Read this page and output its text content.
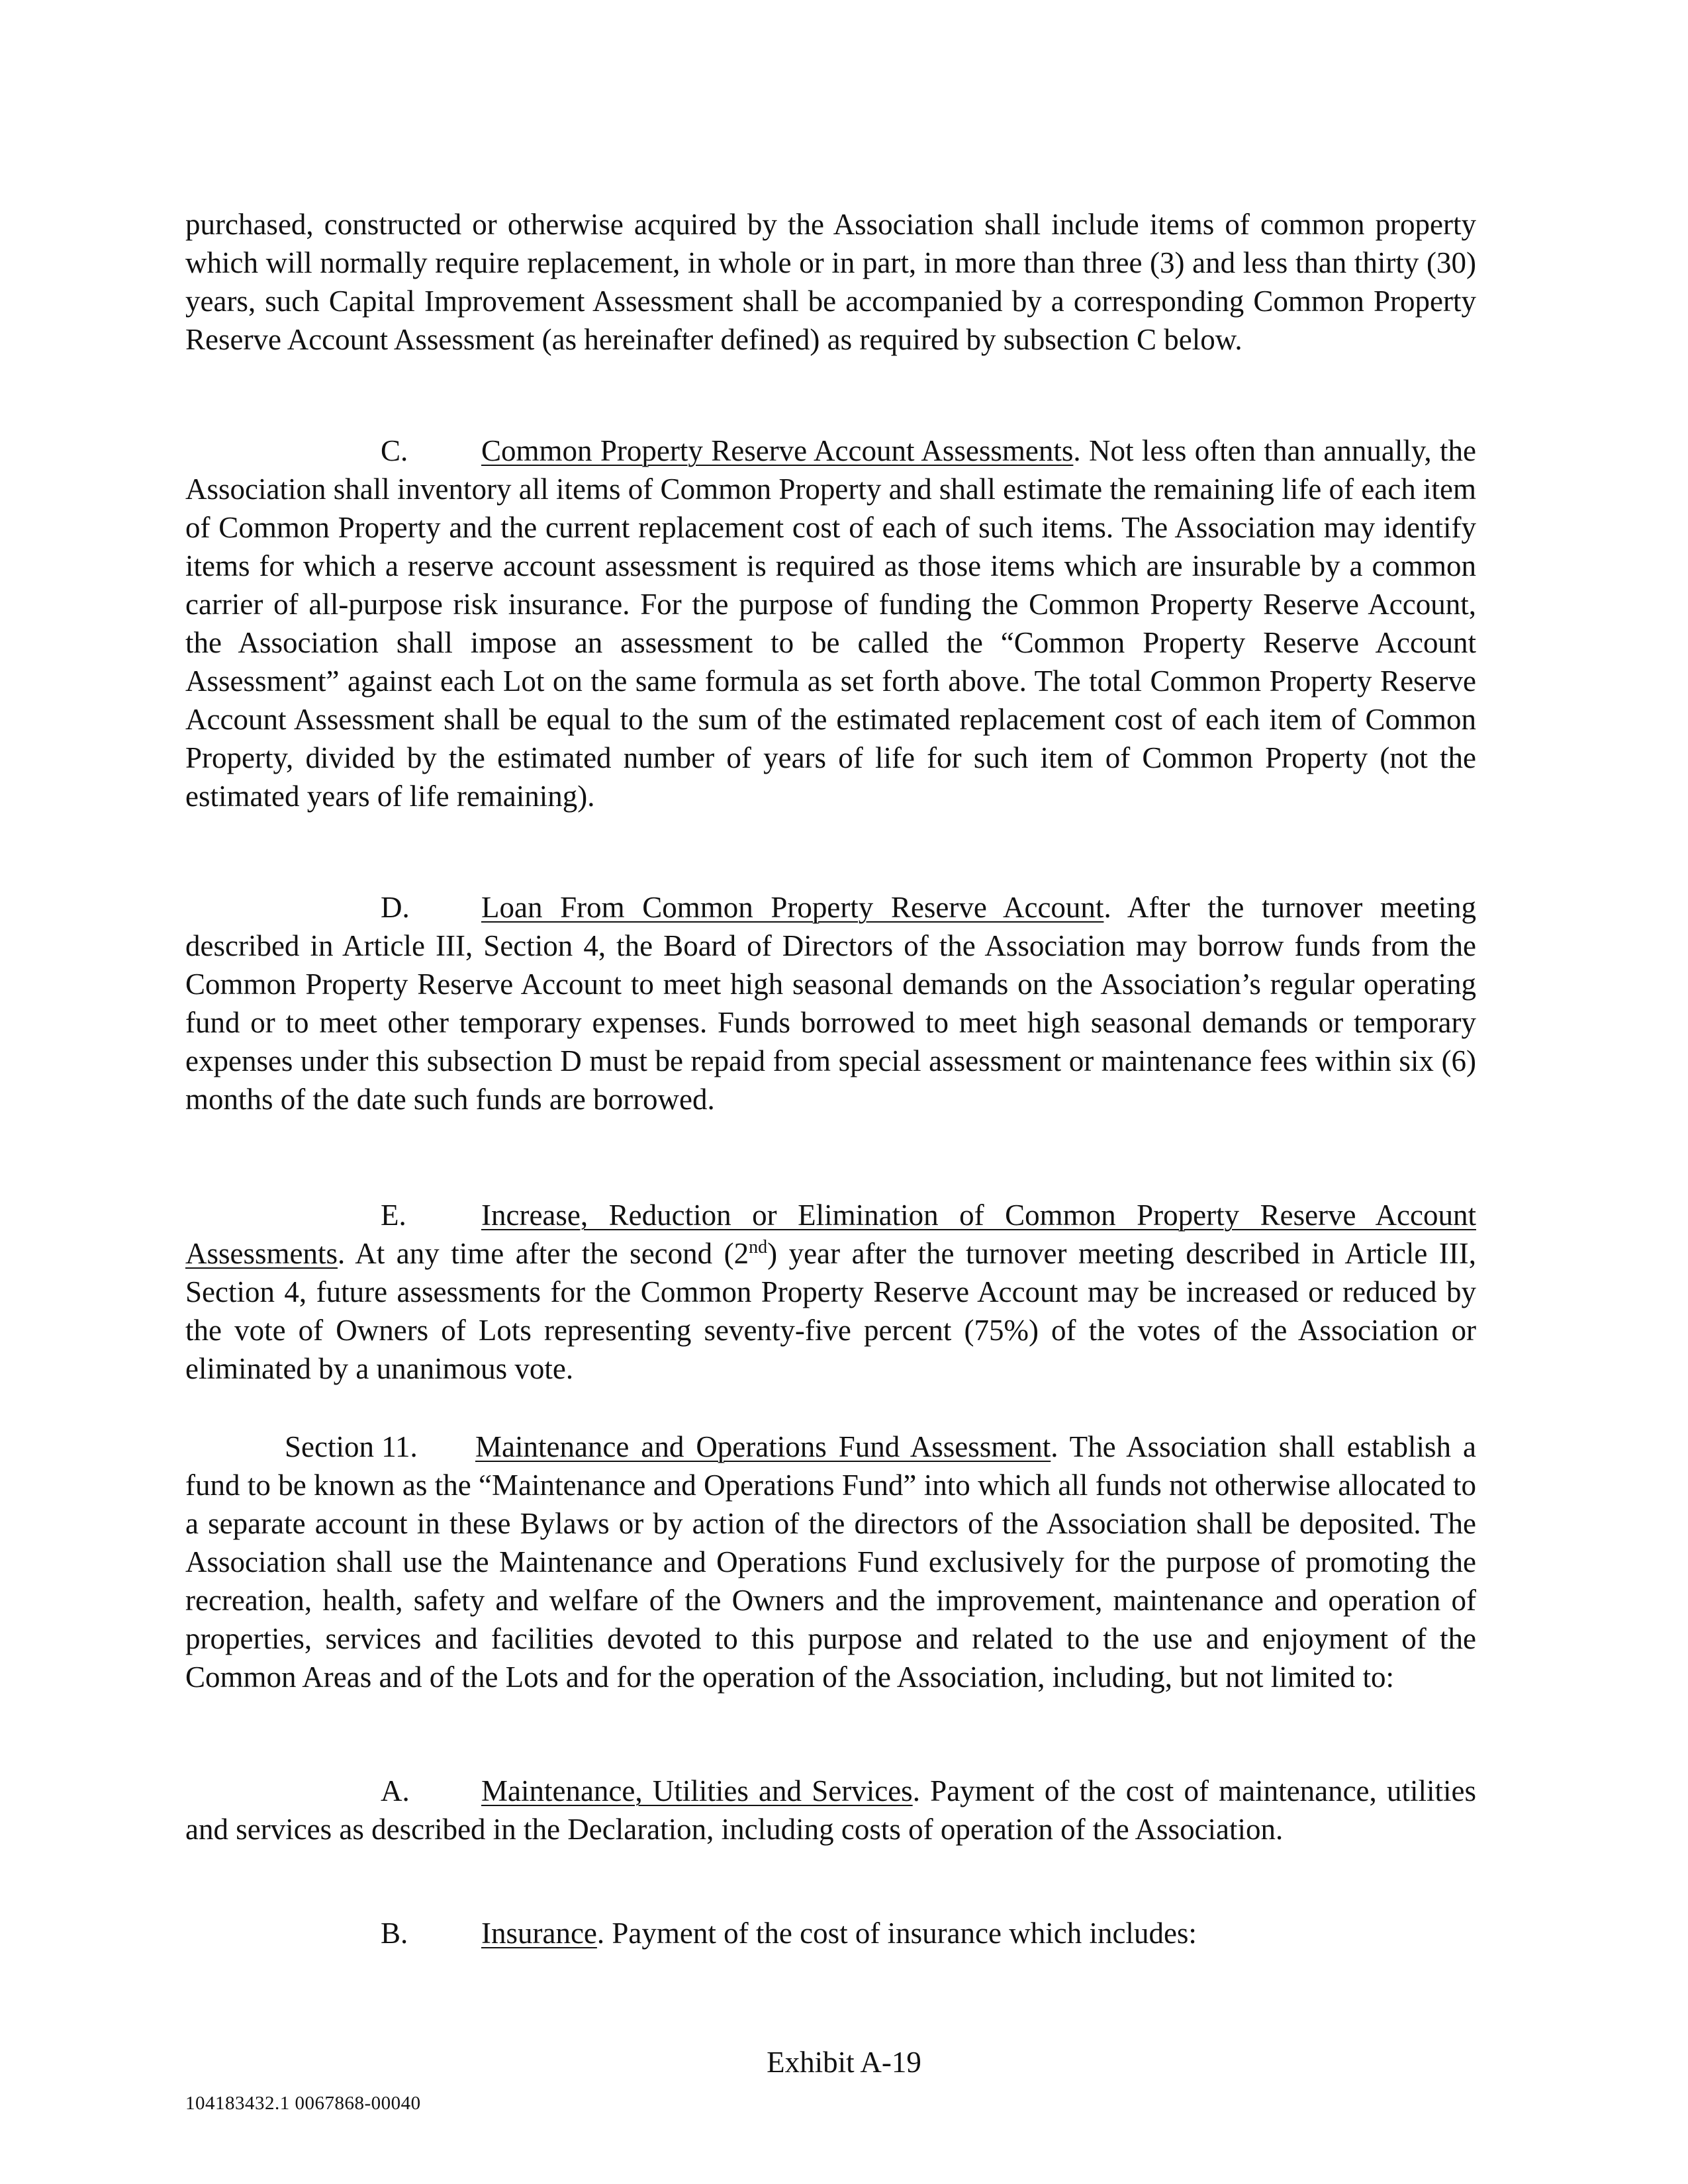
purchased, constructed or otherwise acquired by the Association shall include items of common property which will normally require replacement, in whole or in part, in more than three (3) and less than thirty (30) years, such Capital Improvement Assessment shall be accompanied by a corresponding Common Property Reserve Account Assessment (as hereinafter defined) as required by subsection C below.

C. Common Property Reserve Account Assessments. Not less often than annually, the Association shall inventory all items of Common Property and shall estimate the remaining life of each item of Common Property and the current replacement cost of each of such items. The Association may identify items for which a reserve account assessment is required as those items which are insurable by a common carrier of all-purpose risk insurance. For the purpose of funding the Common Property Reserve Account, the Association shall impose an assessment to be called the “Common Property Reserve Account Assessment” against each Lot on the same formula as set forth above. The total Common Property Reserve Account Assessment shall be equal to the sum of the estimated replacement cost of each item of Common Property, divided by the estimated number of years of life for such item of Common Property (not the estimated years of life remaining).

D. Loan From Common Property Reserve Account. After the turnover meeting described in Article III, Section 4, the Board of Directors of the Association may borrow funds from the Common Property Reserve Account to meet high seasonal demands on the Association’s regular operating fund or to meet other temporary expenses. Funds borrowed to meet high seasonal demands or temporary expenses under this subsection D must be repaid from special assessment or maintenance fees within six (6) months of the date such funds are borrowed.

E.	Increase, Reduction or Elimination of Common Property Reserve Account Assessments. At any time after the second (2nd) year after the turnover meeting described in Article III, Section 4, future assessments for the Common Property Reserve Account may be increased or reduced by the vote of Owners of Lots representing seventy-five percent (75%) of the votes of the Association or eliminated by a unanimous vote.

Section 11. Maintenance and Operations Fund Assessment. The Association shall establish a fund to be known as the “Maintenance and Operations Fund” into which all funds not otherwise allocated to a separate account in these Bylaws or by action of the directors of the Association shall be deposited. The Association shall use the Maintenance and Operations Fund exclusively for the purpose of promoting the recreation, health, safety and welfare of the Owners and the improvement, maintenance and operation of properties, services and facilities devoted to this purpose and related to the use and enjoyment of the Common Areas and of the Lots and for the operation of the Association, including, but not limited to:

A. Maintenance, Utilities and Services. Payment of the cost of maintenance, utilities and services as described in the Declaration, including costs of operation of the Association.

B. Insurance. Payment of the cost of insurance which includes:

Exhibit A-19
104183432.1 0067868-00040
